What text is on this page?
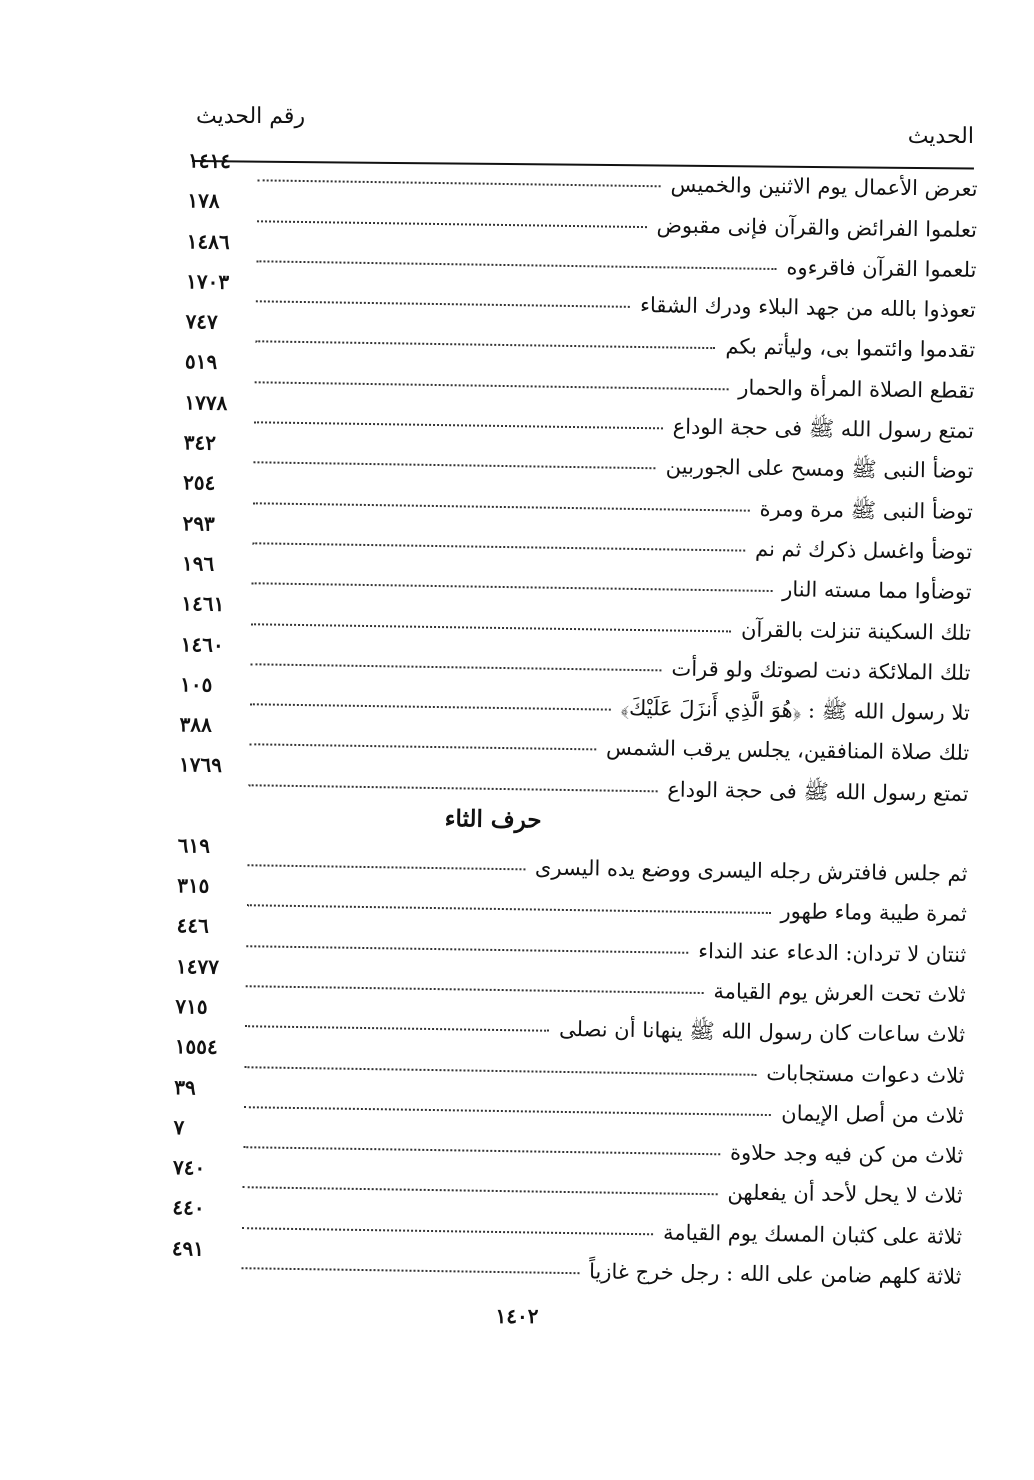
الحديث
رقم الحديث
تعرض الأعمال يوم الاثنين والخميس
١٤١٤
تعلموا الفرائض والقرآن فإنى مقبوض
١٧٨
تلعموا القرآن فاقرءوه
١٤٨٦
تعوذوا بالله من جهد البلاء ودرك الشقاء
١٧٠٣
تقدموا وائتموا بى، وليأتم بكم
٧٤٧
تقطع الصلاة المرأة والحمار
٥١٩
تمتع رسول الله ﷺ فى حجة الوداع
١٧٧٨
توضأ النبى ﷺ ومسح على الجوربين
٣٤٢
توضأ النبى ﷺ مرة ومرة
٢٥٤
توضأ واغسل ذكرك ثم نم
٢٩٣
توضأوا مما مسته النار
١٩٦
تلك السكينة تنزلت بالقرآن
١٤٦١
تلك الملائكة دنت لصوتك ولو قرأت
١٤٦٠
تلا رسول الله ﷺ : ﴿هُوَ الَّذِي أَنزَلَ عَلَيْكَ﴾
١٠٥
تلك صلاة المنافقين، يجلس يرقب الشمس
٣٨٨
تمتع رسول الله ﷺ فى حجة الوداع
١٧٦٩
حرف الثاء
ثم جلس فافترش رجله اليسرى ووضع يده اليسرى
٦١٩
ثمرة طيبة وماء طهور
٣١٥
ثنتان لا تردان: الدعاء عند النداء
٤٤٦
ثلاث تحت العرش يوم القيامة
١٤٧٧
ثلاث ساعات كان رسول الله ﷺ ينهانا أن نصلى
٧١٥
ثلاث دعوات مستجابات
١٥٥٤
ثلاث من أصل الإيمان
٣٩
ثلاث من كن فيه وجد حلاوة
٧
ثلاث لا يحل لأحد أن يفعلهن
٧٤٠
ثلاثة على كثبان المسك يوم القيامة
٤٤٠
ثلاثة كلهم ضامن على الله : رجل خرج غازياً
٤٩١
١٤٠٢
